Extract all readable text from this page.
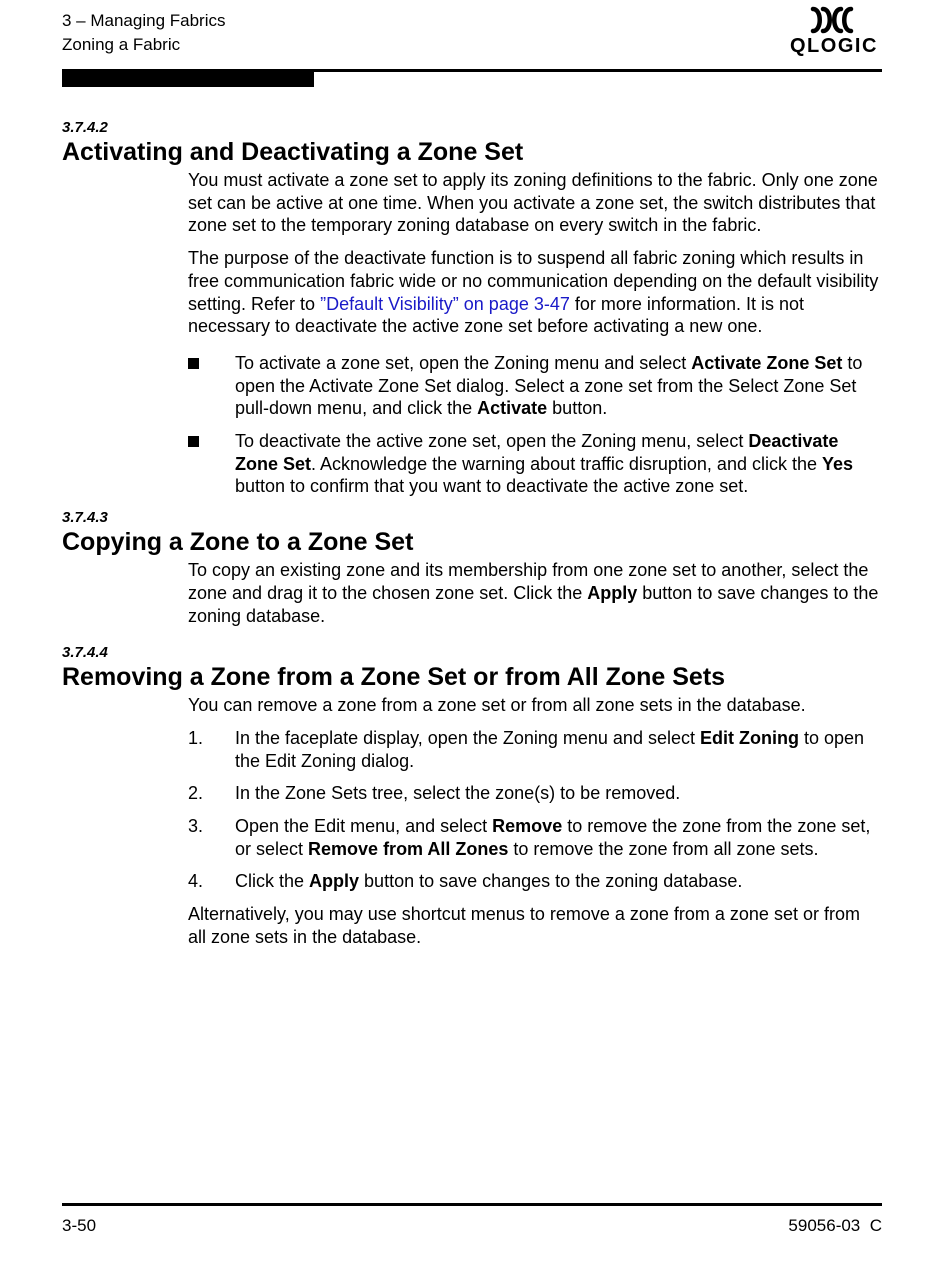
3 – Managing Fabrics
Zoning a Fabric	QLOGIC
3.7.4.2
Activating and Deactivating a Zone Set

You must activate a zone set to apply its zoning definitions to the fabric. Only one zone set can be active at one time. When you activate a zone set, the switch distributes that zone set to the temporary zoning database on every switch in the fabric.

The purpose of the deactivate function is to suspend all fabric zoning which results in free communication fabric wide or no communication depending on the default visibility setting. Refer to ”Default Visibility” on page 3-47 for more information. It is not necessary to deactivate the active zone set before activating a new one.

To activate a zone set, open the Zoning menu and select Activate Zone Set to open the Activate Zone Set dialog. Select a zone set from the Select Zone Set pull-down menu, and click the Activate button.
To deactivate the active zone set, open the Zoning menu, select Deactivate Zone Set. Acknowledge the warning about traffic disruption, and click the Yes button to confirm that you want to deactivate the active zone set.
3.7.4.3
Copying a Zone to a Zone Set

To copy an existing zone and its membership from one zone set to another, select the zone and drag it to the chosen zone set. Click the Apply button to save changes to the zoning database.

3.7.4.4
Removing a Zone from a Zone Set or from All Zone Sets

You can remove a zone from a zone set or from all zone sets in the database.

1.	In the faceplate display, open the Zoning menu and select Edit Zoning to open the Edit Zoning dialog.
2.	In the Zone Sets tree, select the zone(s) to be removed.
3.	Open the Edit menu, and select Remove to remove the zone from the zone set, or select Remove from All Zones to remove the zone from all zone sets.
4.	Click the Apply button to save changes to the zoning database.

Alternatively, you may use shortcut menus to remove a zone from a zone set or from all zone sets in the database.

3-50	59056-03  C
